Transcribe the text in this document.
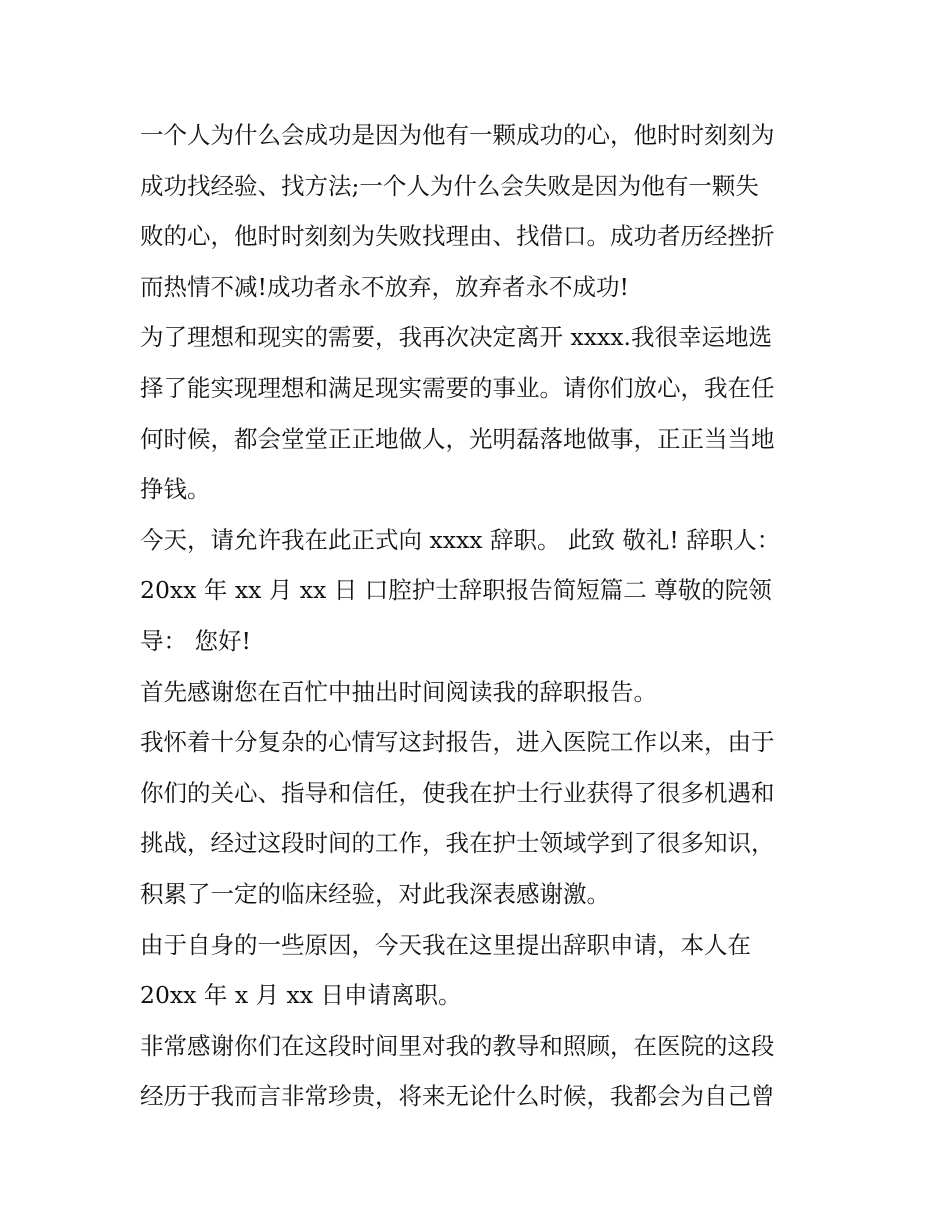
一个人为什么会成功是因为他有一颗成功的心，他时时刻刻为
成功找经验、找方法;一个人为什么会失败是因为他有一颗失
败的心，他时时刻刻为失败找理由、找借口。成功者历经挫折
而热情不减!成功者永不放弃，放弃者永不成功!

为了理想和现实的需要，我再次决定离开 xxxx.我很幸运地选
择了能实现理想和满足现实需要的事业。请你们放心，我在任
何时候，都会堂堂正正地做人，光明磊落地做事，正正当当地
挣钱。

今天，请允许我在此正式向 xxxx 辞职。 此致 敬礼! 辞职人：
20xx 年 xx 月 xx 日 口腔护士辞职报告简短篇二 尊敬的院领
导： 您好!

首先感谢您在百忙中抽出时间阅读我的辞职报告。

我怀着十分复杂的心情写这封报告，进入医院工作以来，由于
你们的关心、指导和信任，使我在护士行业获得了很多机遇和
挑战，经过这段时间的工作，我在护士领域学到了很多知识，
积累了一定的临床经验，对此我深表感谢激。

由于自身的一些原因，今天我在这里提出辞职申请，本人在
20xx 年 x 月 xx 日申请离职。

非常感谢你们在这段时间里对我的教导和照顾，在医院的这段
经历于我而言非常珍贵，将来无论什么时候，我都会为自己曾
